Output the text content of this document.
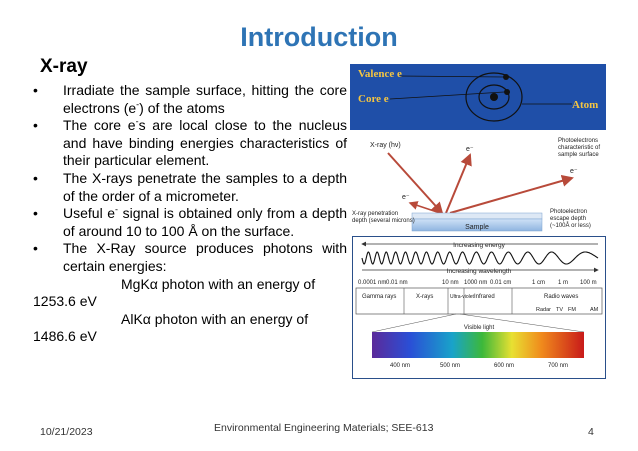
Introduction
X-ray
• Irradiate the sample surface, hitting the core electrons (e-) of the atoms
• The core e-s are local close to the nucleus and have binding energies characteristics of their particular element.
• The X-rays penetrate the samples to a depth of the order of a micrometer.
• Useful e- signal is obtained only from a depth of around 10 to 100 Å on the surface.
• The X-Ray source produces photons with certain energies:
MgKα photon with an energy of
1253.6 eV
AlKα photon with an energy of
1486.6 eV
Valence e
Core e	Atom
Sample
X-ray (hν)
e⁻
e⁻
e⁻
Photoelectrons characteristic of sample surface
X-ray penetration depth (several microns)
Photoelectron escape depth (~100Å or less)
Increasing energy
Increasing wavelength
0.0001 nm 0.01 nm	10 nm 1000 nm 0.01 cm	1 cm 1 m 100 m
Gamma rays	X-rays	Ultra-violet Infrared	Radio waves
Radar TV FM	AM
Visible light
400 nm	500 nm	600 nm	700 nm
10/21/2023	Environmental Engineering Materials; SEE-613	4
